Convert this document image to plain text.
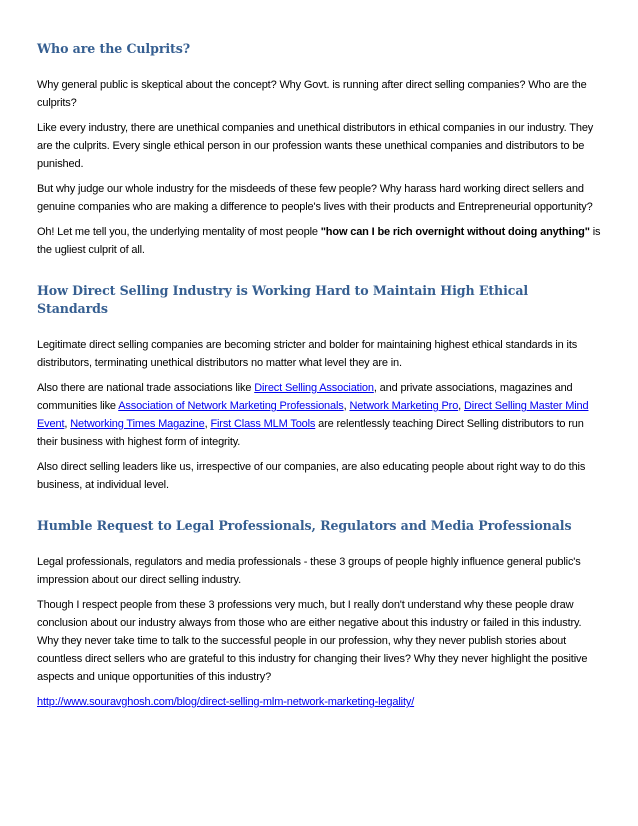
Who are the Culprits?

Why general public is skeptical about the concept? Why Govt. is running after direct selling companies? Who are the culprits?

Like every industry, there are unethical companies and unethical distributors in ethical companies in our industry. They are the culprits. Every single ethical person in our profession wants these unethical companies and distributors to be punished.

But why judge our whole industry for the misdeeds of these few people? Why harass hard working direct sellers and genuine companies who are making a difference to people's lives with their products and Entrepreneurial opportunity?

Oh! Let me tell you, the underlying mentality of most people "how can I be rich overnight without doing anything" is the ugliest culprit of all.

How Direct Selling Industry is Working Hard to Maintain High Ethical Standards

Legitimate direct selling companies are becoming stricter and bolder for maintaining highest ethical standards in its distributors, terminating unethical distributors no matter what level they are in.

Also there are national trade associations like Direct Selling Association, and private associations, magazines and communities like Association of Network Marketing Professionals, Network Marketing Pro, Direct Selling Master Mind Event, Networking Times Magazine, First Class MLM Tools are relentlessly teaching Direct Selling distributors to run their business with highest form of integrity.

Also direct selling leaders like us, irrespective of our companies, are also educating people about right way to do this business, at individual level.

Humble Request to Legal Professionals, Regulators and Media Professionals

Legal professionals, regulators and media professionals - these 3 groups of people highly influence general public's impression about our direct selling industry.

Though I respect people from these 3 professions very much, but I really don't understand why these people draw conclusion about our industry always from those who are either negative about this industry or failed in this industry. Why they never take time to talk to the successful people in our profession, why they never publish stories about countless direct sellers who are grateful to this industry for changing their lives? Why they never highlight the positive aspects and unique opportunities of this industry?

http://www.souravghosh.com/blog/direct-selling-mlm-network-marketing-legality/
